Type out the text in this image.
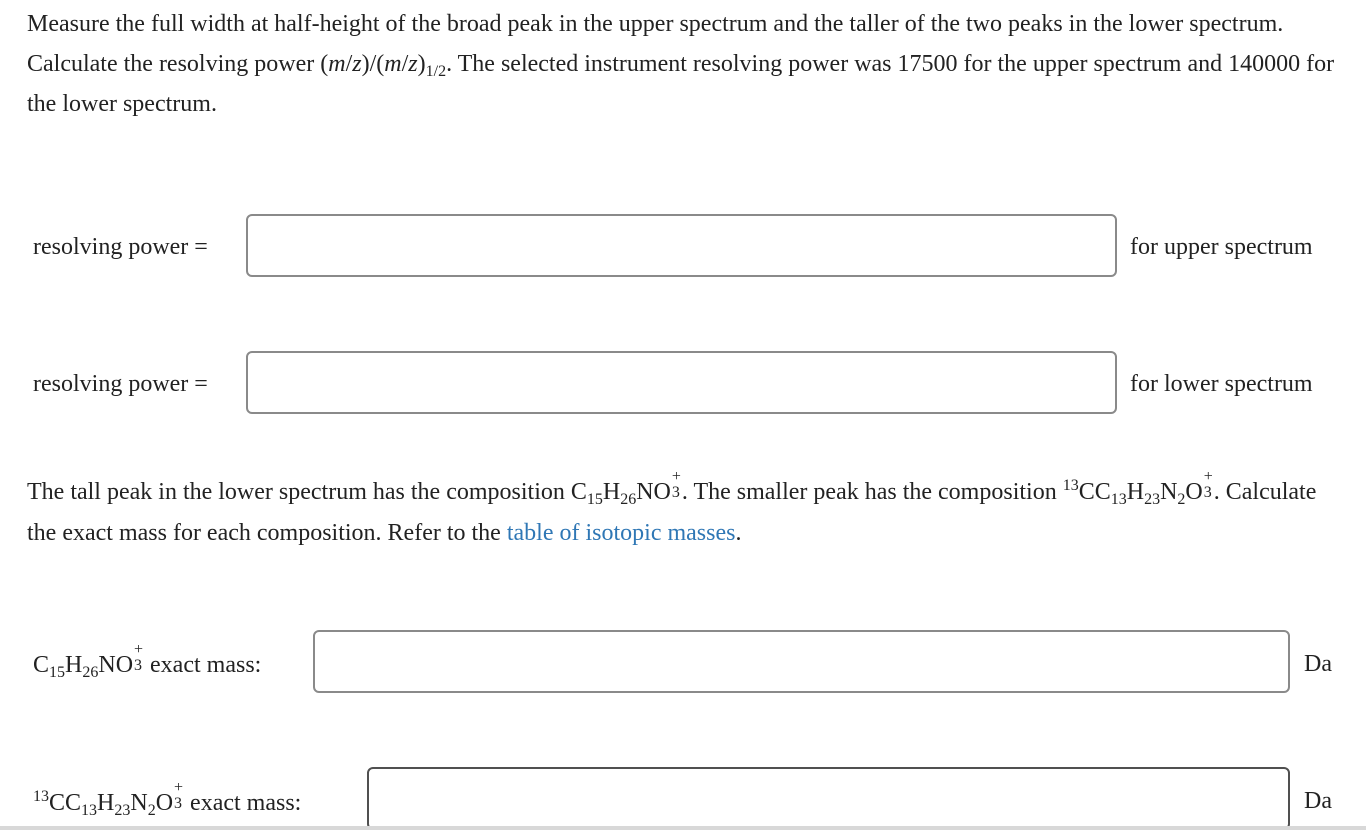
Measure the full width at half-height of the broad peak in the upper spectrum and the taller of the two peaks in the lower spectrum. Calculate the resolving power $(m/z)/(m/z)_{1/2}$. The selected instrument resolving power was 17500 for the upper spectrum and 140000 for the lower spectrum.

resolving power =	for upper spectrum
resolving power =	for lower spectrum

The tall peak in the lower spectrum has the composition $C_{15}H_{26}NO$
+
3 . The smaller peak has the composition $^{13}CC_{13}H_{23}N_2O$
+
3 . Calculate the exact mass for each composition. Refer to the table of isotopic masses.

$C_{15}H_{26}NO$
+
3 exact mass:	Da
$^{13}CC_{13}H_{23}N_2O$
+
3 exact mass:	Da
